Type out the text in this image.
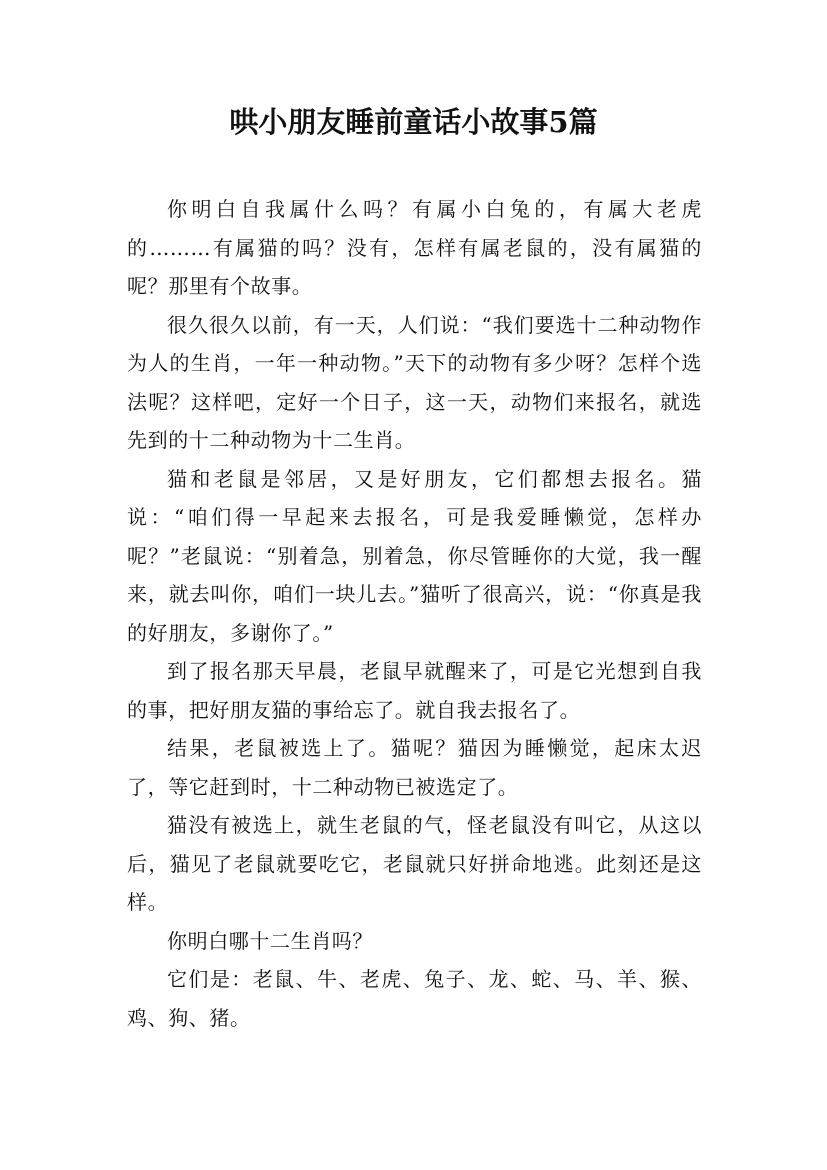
哄小朋友睡前童话小故事5篇

你明白自我属什么吗？有属小白兔的，有属大老虎的………有属猫的吗？没有，怎样有属老鼠的，没有属猫的呢？那里有个故事。

很久很久以前，有一天，人们说：“我们要选十二种动物作为人的生肖，一年一种动物。”天下的动物有多少呀？怎样个选法呢？这样吧，定好一个日子，这一天，动物们来报名，就选先到的十二种动物为十二生肖。

猫和老鼠是邻居，又是好朋友，它们都想去报名。猫说：“咱们得一早起来去报名，可是我爱睡懒觉，怎样办呢？”老鼠说：“别着急，别着急，你尽管睡你的大觉，我一醒来，就去叫你，咱们一块儿去。”猫听了很高兴，说：“你真是我的好朋友，多谢你了。”

到了报名那天早晨，老鼠早就醒来了，可是它光想到自我的事，把好朋友猫的事给忘了。就自我去报名了。

结果，老鼠被选上了。猫呢？猫因为睡懒觉，起床太迟了，等它赶到时，十二种动物已被选定了。

猫没有被选上，就生老鼠的气，怪老鼠没有叫它，从这以后，猫见了老鼠就要吃它，老鼠就只好拼命地逃。此刻还是这样。

你明白哪十二生肖吗？

它们是：老鼠、牛、老虎、兔子、龙、蛇、马、羊、猴、鸡、狗、猪。
